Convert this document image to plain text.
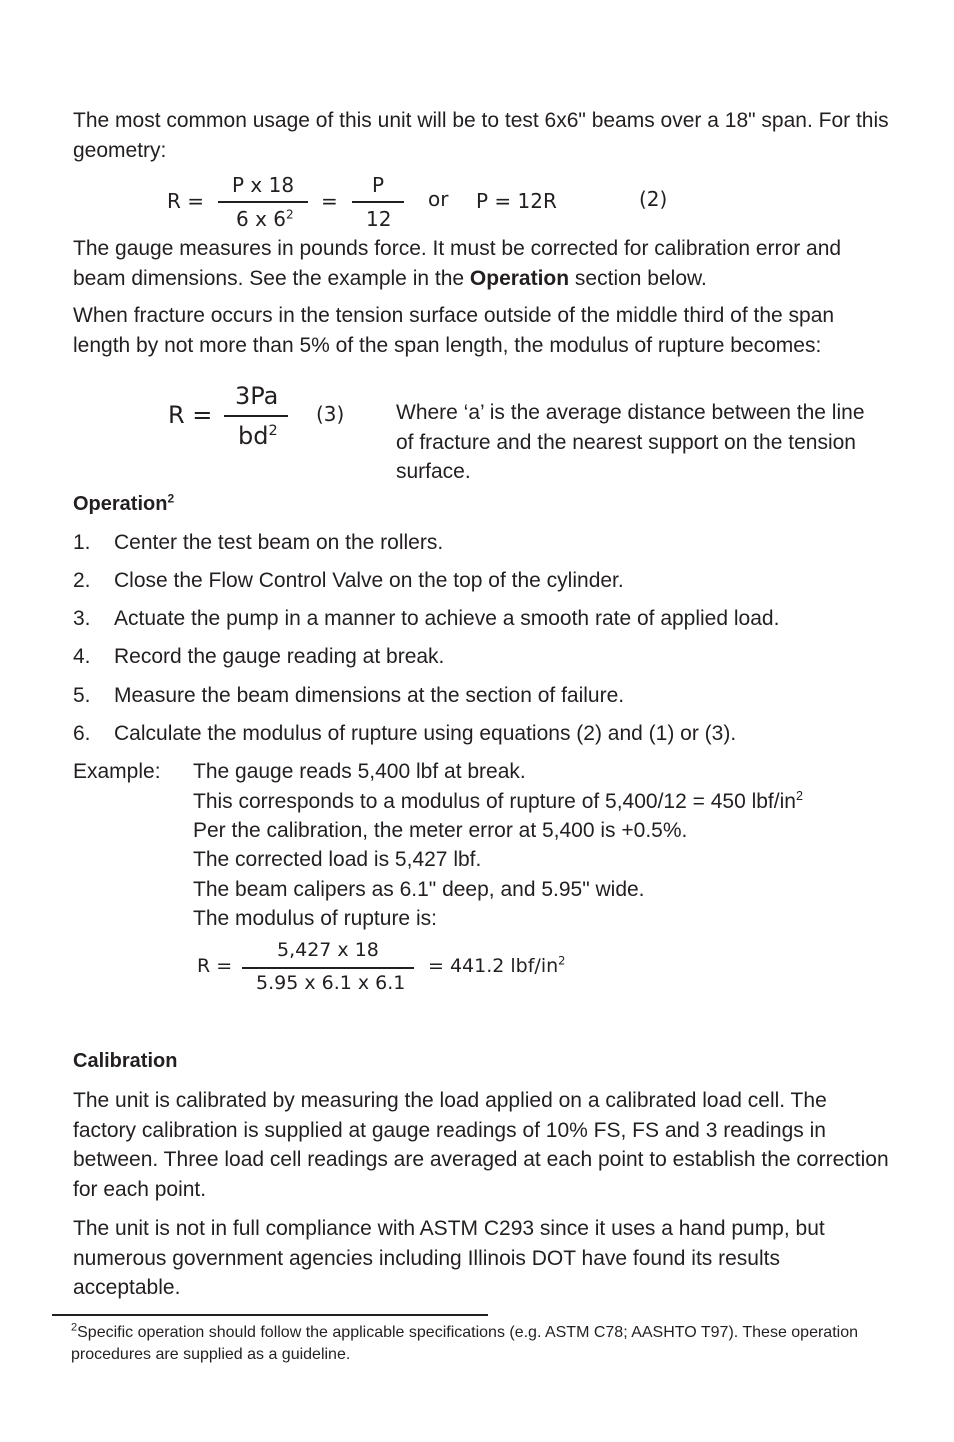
The most common usage of this unit will be to test 6x6" beams over a 18" span. For this geometry:

R =
P x 18
6 x $6^2$
=
P
12
or P = 12R	(2)

The gauge measures in pounds force. It must be corrected for calibration error and beam dimensions. See the example in the Operation section below.

When fracture occurs in the tension surface outside of the middle third of the span length by not more than 5% of the span length, the modulus of rupture becomes:

R =
3Pa
$bd^2$
(3) Where ‘a’ is the average distance between the line of fracture and the nearest support on the tension surface.

Operation$^2$
1. Center the test beam on the rollers.
2. Close the Flow Control Valve on the top of the cylinder.
3. Actuate the pump in a manner to achieve a smooth rate of applied load.
4. Record the gauge reading at break.
5. Measure the beam dimensions at the section of failure.
6. Calculate the modulus of rupture using equations (2) and (1) or (3).
Example: The gauge reads 5,400 lbf at break.
This corresponds to a modulus of rupture of 5,400/12 = 450 lbf/$in^2$
Per the calibration, the meter error at 5,400 is +0.5%.
The corrected load is 5,427 lbf.
The beam calipers as 6.1" deep, and 5.95" wide.
The modulus of rupture is:
R =
5,427 x 18
5.95 x 6.1 x 6.1
= 441.2 lbf/$in^2$
Calibration

The unit is calibrated by measuring the load applied on a calibrated load cell. The factory calibration is supplied at gauge readings of 10% FS, FS and 3 readings in between. Three load cell readings are averaged at each point to establish the correction for each point.

The unit is not in full compliance with ASTM C293 since it uses a hand pump, but numerous government agencies including Illinois DOT have found its results acceptable.

$^2$Specific operation should follow the applicable specifications (e.g. ASTM C78; AASHTO T97). These operation procedures are supplied as a guideline.
